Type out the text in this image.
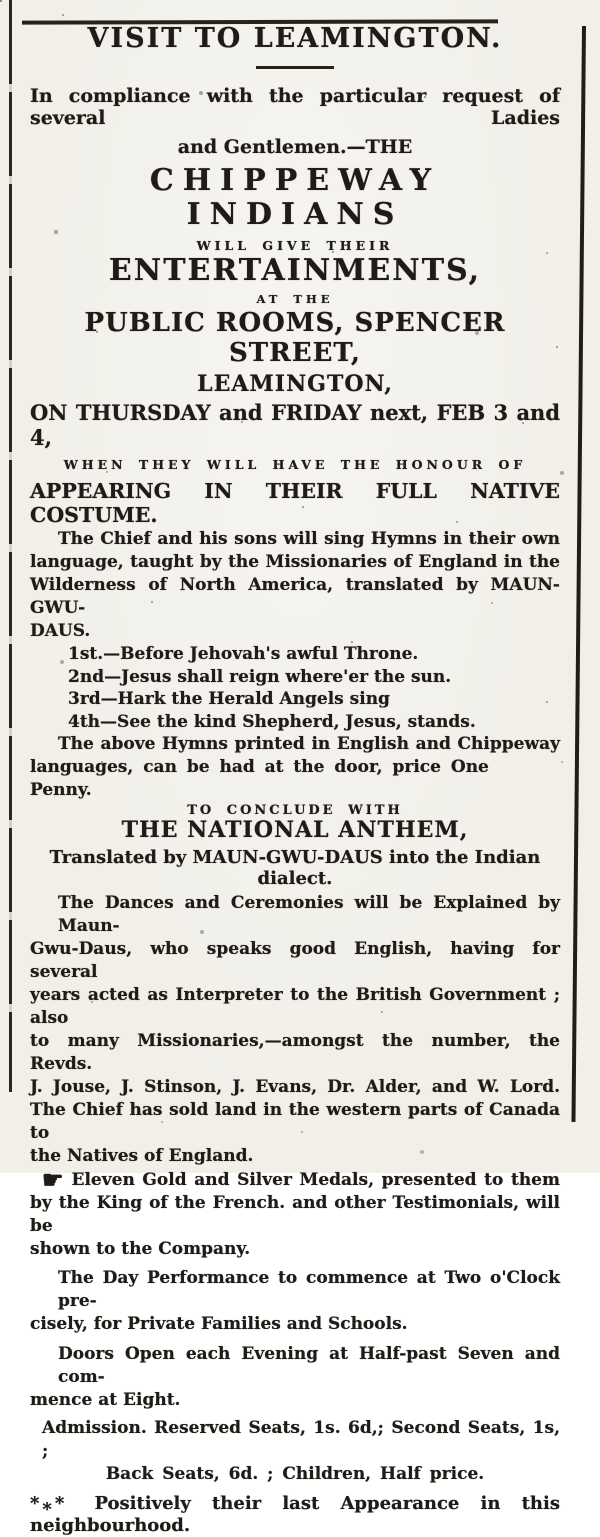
VISIT TO LEAMINGTON.

In compliance with the particular request of several Ladies

and Gentlemen.—THE

CHIPPEWAY INDIANS
WILL GIVE THEIR
ENTERTAINMENTS,
AT THE
PUBLIC ROOMS, SPENCER STREET,
LEAMINGTON,
ON THURSDAY and FRIDAY next, FEB 3 and 4,
WHEN THEY WILL HAVE THE HONOUR OF
APPEARING IN THEIR FULL NATIVE COSTUME.

The Chief and his sons will sing Hymns in their own
language, taught by the Missionaries of England in the
Wilderness of North America, translated by MAUN-GWU-
DAUS.

1st.—Before Jehovah's awful Throne.
2nd—Jesus shall reign where'er the sun.
3rd—Hark the Herald Angels sing
4th—See the kind Shepherd, Jesus, stands.

The above Hymns printed in English and Chippeway
languages, can be had at the door, price One Penny.

TO CONCLUDE WITH
THE NATIONAL ANTHEM,

Translated by MAUN-GWU-DAUS into the Indian dialect.

The Dances and Ceremonies will be Explained by Maun-
Gwu-Daus, who speaks good English, having for several
years acted as Interpreter to the British Government ; also
to many Missionaries,—amongst the number, the Revds.
J. Jouse, J. Stinson, J. Evans, Dr. Alder, and W. Lord.
The Chief has sold land in the western parts of Canada to
the Natives of England.

☛ Eleven Gold and Silver Medals, presented to them
by the King of the French. and other Testimonials, will be
shown to the Company.

The Day Performance to commence at Two o'Clock pre-
cisely, for Private Families and Schools.

Doors Open each Evening at Half-past Seven and com-
mence at Eight.

Admission. Reserved Seats, 1s. 6d,; Second Seats, 1s, ;
Back Seats, 6d. ; Children, Half price.

*** Positively their last Appearance in this neighbourhood.
